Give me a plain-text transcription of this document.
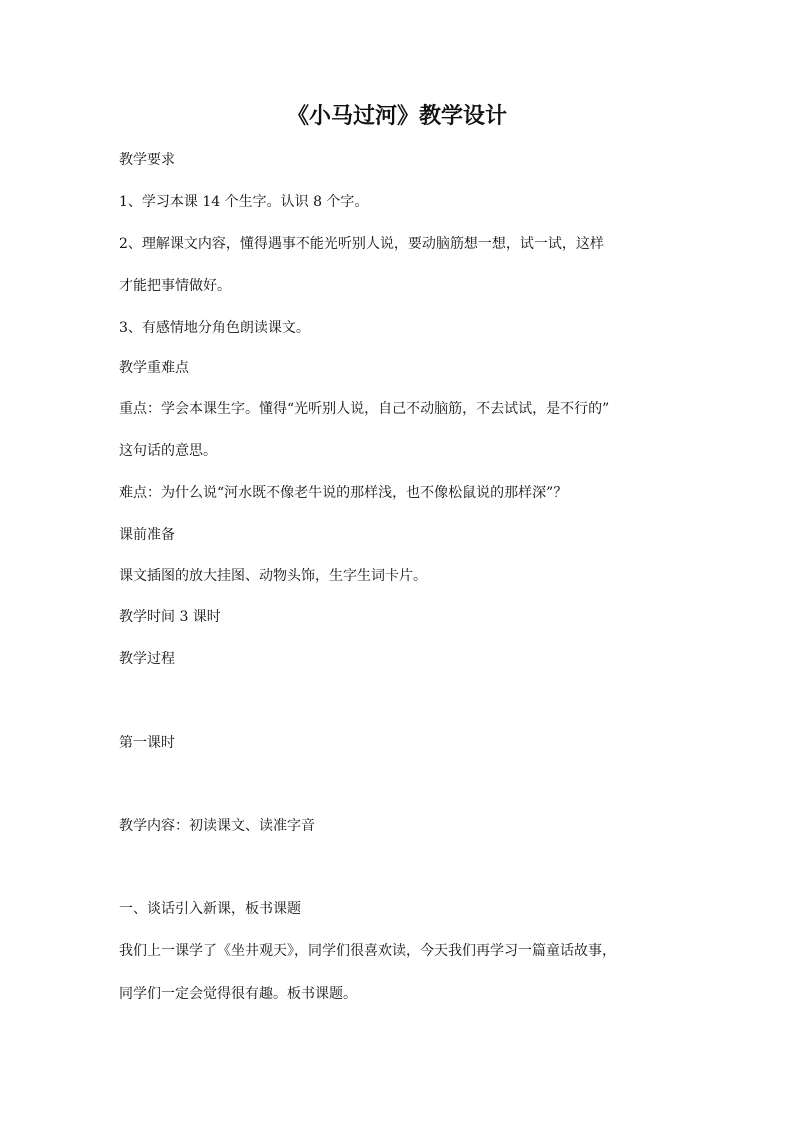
《小马过河》教学设计
教学要求
1、学习本课 14 个生字。认识 8 个字。
2、理解课文内容，懂得遇事不能光听别人说，要动脑筋想一想，试一试，这样
才能把事情做好。
3、有感情地分角色朗读课文。
教学重难点
重点：学会本课生字。懂得“光听别人说，自己不动脑筋，不去试试，是不行的”
这句话的意思。
难点：为什么说“河水既不像老牛说的那样浅，也不像松鼠说的那样深”？
课前准备
课文插图的放大挂图、动物头饰，生字生词卡片。
教学时间 3 课时
教学过程
第一课时
教学内容：初读课文、读准字音
一、谈话引入新课，板书课题
我们上一课学了《坐井观天》，同学们很喜欢读，今天我们再学习一篇童话故事，
同学们一定会觉得很有趣。板书课题。
